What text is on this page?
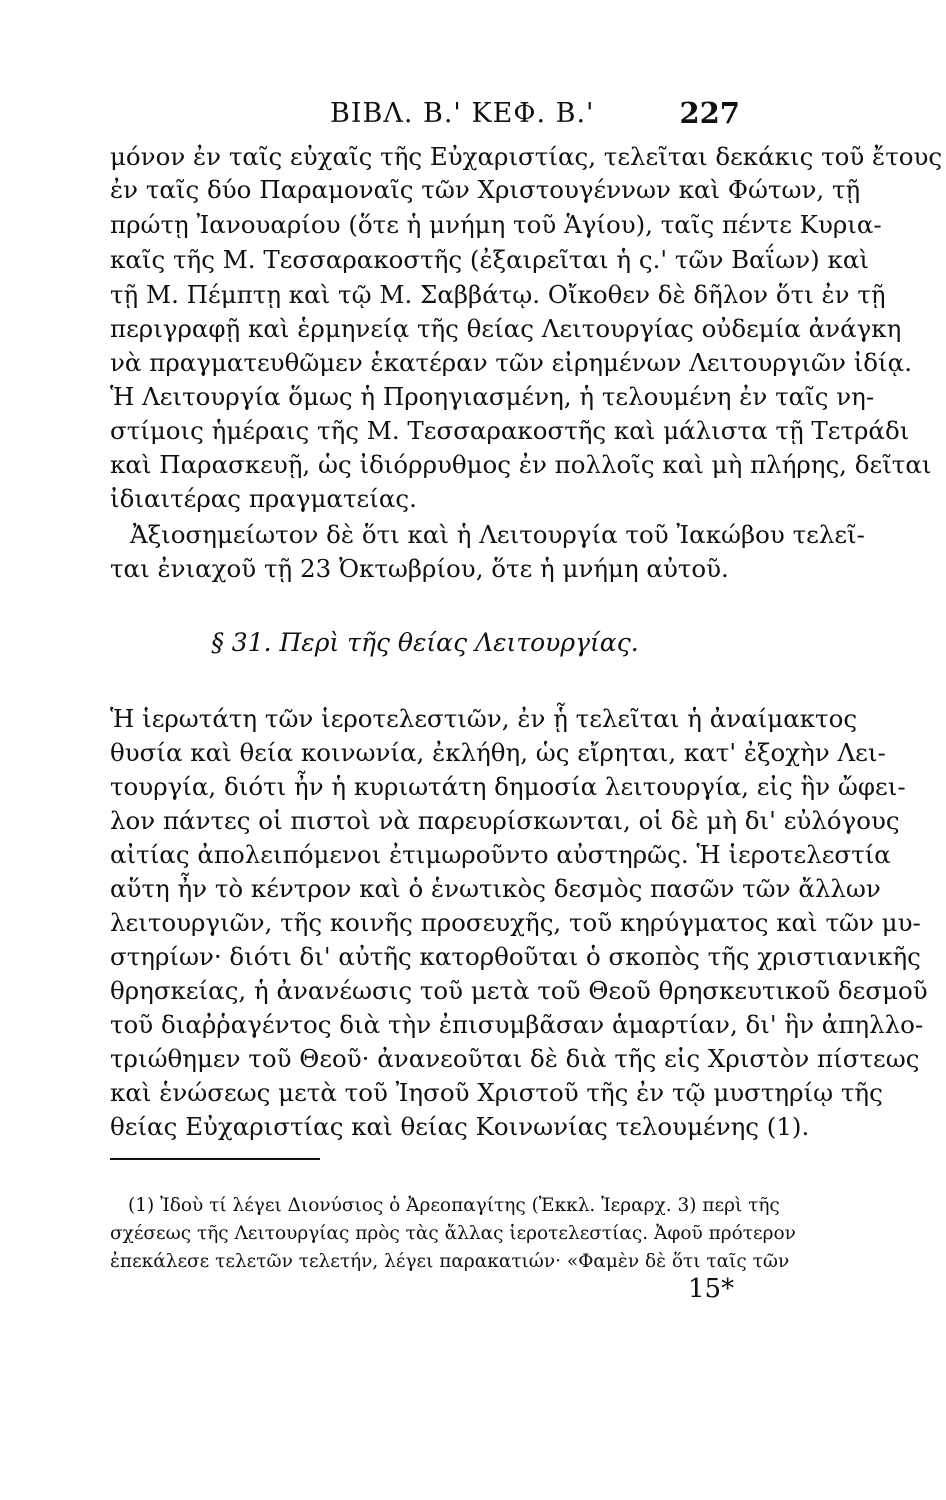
ΒΙΒΛ. Β.' ΚΕΦ. Β.'	227
μόνον ἐν ταῖς εὐχαῖς τῆς Εὐχαριστίας, τελεῖται δεκάκις τοῦ ἔτους
ἐν ταῖς δύο Παραμοναῖς τῶν Χριστουγέννων καὶ Φώτων, τῇ
πρώτῃ Ἰανουαρίου (ὅτε ἡ μνήμη τοῦ Ἁγίου), ταῖς πέντε Κυρια-
καῖς τῆς Μ. Τεσσαρακοστῆς (ἐξαιρεῖται ἡ ς.' τῶν Βαΐων) καὶ
τῇ Μ. Πέμπτῃ καὶ τῷ Μ. Σαββάτῳ. Οἴκοθεν δὲ δῆλον ὅτι ἐν τῇ
περιγραφῇ καὶ ἑρμηνείᾳ τῆς θείας Λειτουργίας οὐδεμία ἀνάγκη
νὰ πραγματευθῶμεν ἑκατέραν τῶν εἰρημένων Λειτουργιῶν ἰδίᾳ.
Ἡ Λειτουργία ὅμως ἡ Προηγιασμένη, ἡ τελουμένη ἐν ταῖς νη-
στίμοις ἡμέραις τῆς Μ. Τεσσαρακοστῆς καὶ μάλιστα τῇ Τετράδι
καὶ Παρασκευῇ, ὡς ἰδιόρρυθμος ἐν πολλοῖς καὶ μὴ πλήρης, δεῖται
ἰδιαιτέρας πραγματείας.
Ἀξιοσημείωτον δὲ ὅτι καὶ ἡ Λειτουργία τοῦ Ἰακώβου τελεῖ-
ται ἐνιαχοῦ τῇ 23 Ὀκτωβρίου, ὅτε ἡ μνήμη αὐτοῦ.
§ 31. Περὶ τῆς θείας Λειτουργίας.
Ἡ ἱερωτάτη τῶν ἱεροτελεστιῶν, ἐν ᾗ τελεῖται ἡ ἀναίμακτος
θυσία καὶ θεία κοινωνία, ἐκλήθη, ὡς εἴρηται, κατ' ἐξοχὴν Λει-
τουργία, διότι ἦν ἡ κυριωτάτη δημοσία λειτουργία, εἰς ἣν ὤφει-
λον πάντες οἱ πιστοὶ νὰ παρευρίσκωνται, οἱ δὲ μὴ δι' εὐλόγους
αἰτίας ἀπολειπόμενοι ἐτιμωροῦντο αὐστηρῶς. Ἡ ἱεροτελεστία
αὕτη ἦν τὸ κέντρον καὶ ὁ ἑνωτικὸς δεσμὸς πασῶν τῶν ἄλλων
λειτουργιῶν, τῆς κοινῆς προσευχῆς, τοῦ κηρύγματος καὶ τῶν μυ-
στηρίων· διότι δι' αὐτῆς κατορθοῦται ὁ σκοπὸς τῆς χριστιανικῆς
θρησκείας, ἡ ἀνανέωσις τοῦ μετὰ τοῦ Θεοῦ θρησκευτικοῦ δεσμοῦ
τοῦ διαῤῥαγέντος διὰ τὴν ἐπισυμβᾶσαν ἁμαρτίαν, δι' ἣν ἀπηλλο-
τριώθημεν τοῦ Θεοῦ· ἀνανεοῦται δὲ διὰ τῆς εἰς Χριστὸν πίστεως
καὶ ἑνώσεως μετὰ τοῦ Ἰησοῦ Χριστοῦ τῆς ἐν τῷ μυστηρίῳ τῆς
θείας Εὐχαριστίας καὶ θείας Κοινωνίας τελουμένης (1).
(1) Ἰδοὺ τί λέγει Διονύσιος ὁ Ἀρεοπαγίτης (Ἐκκλ. Ἱεραρχ. 3) περὶ τῆς
σχέσεως τῆς Λειτουργίας πρὸς τὰς ἄλλας ἱεροτελεστίας. Ἀφοῦ πρότερον
ἐπεκάλεσε τελετῶν τελετήν, λέγει παρακατιών· «Φαμὲν δὲ ὅτι ταῖς τῶν
15*
